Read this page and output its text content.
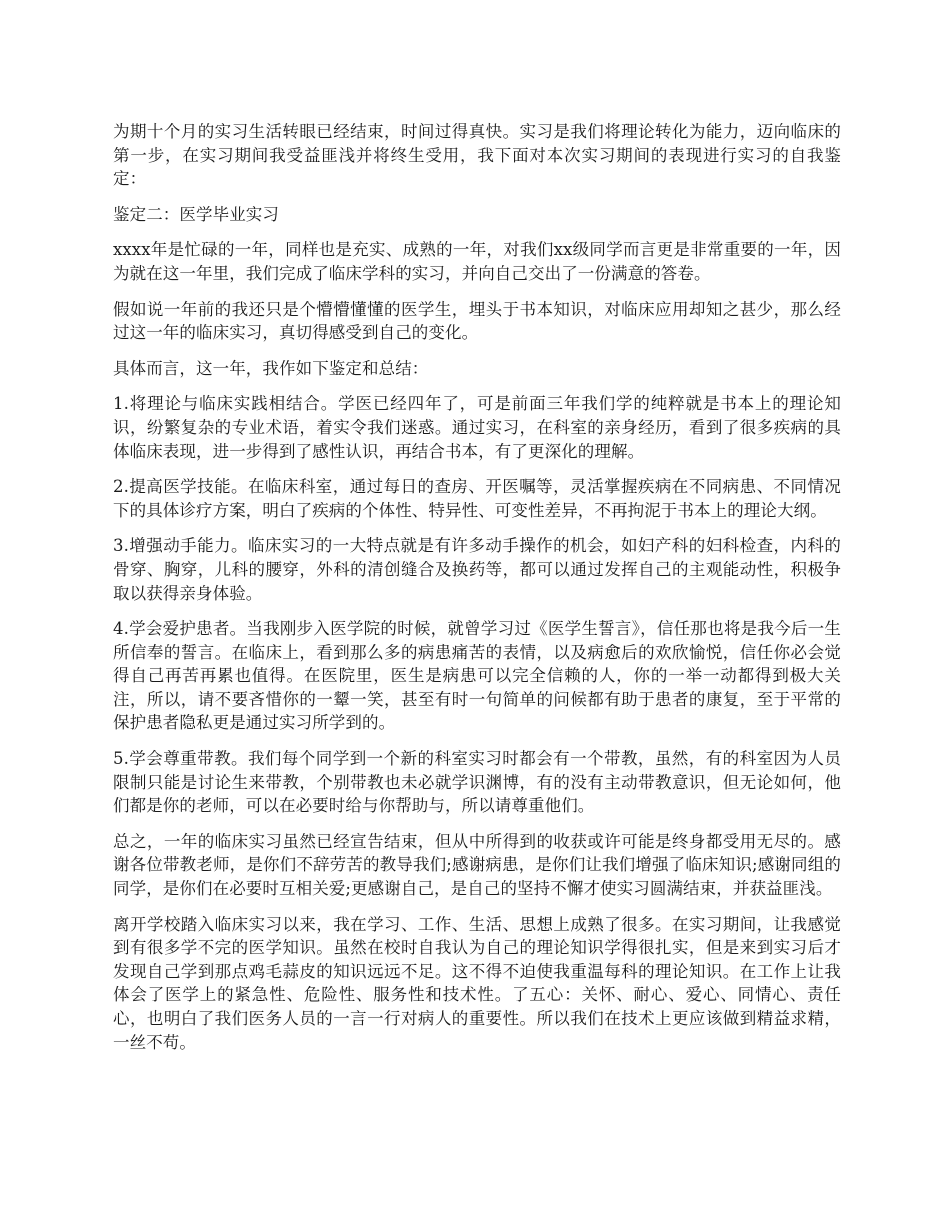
为期十个月的实习生活转眼已经结束，时间过得真快。实习是我们将理论转化为能力，迈向临床的第一步，在实习期间我受益匪浅并将终生受用，我下面对本次实习期间的表现进行实习的自我鉴定：

鉴定二：医学毕业实习

xxxx年是忙碌的一年，同样也是充实、成熟的一年，对我们xx级同学而言更是非常重要的一年，因为就在这一年里，我们完成了临床学科的实习，并向自己交出了一份满意的答卷。

假如说一年前的我还只是个懵懵懂懂的医学生，埋头于书本知识，对临床应用却知之甚少，那么经过这一年的临床实习，真切得感受到自己的变化。

具体而言，这一年，我作如下鉴定和总结：

1.将理论与临床实践相结合。学医已经四年了，可是前面三年我们学的纯粹就是书本上的理论知识，纷繁复杂的专业术语，着实令我们迷惑。通过实习，在科室的亲身经历，看到了很多疾病的具体临床表现，进一步得到了感性认识，再结合书本，有了更深化的理解。

2.提高医学技能。在临床科室，通过每日的查房、开医嘱等，灵活掌握疾病在不同病患、不同情况下的具体诊疗方案，明白了疾病的个体性、特异性、可变性差异，不再拘泥于书本上的理论大纲。

3.增强动手能力。临床实习的一大特点就是有许多动手操作的机会，如妇产科的妇科检查，内科的骨穿、胸穿，儿科的腰穿，外科的清创缝合及换药等，都可以通过发挥自己的主观能动性，积极争取以获得亲身体验。

4.学会爱护患者。当我刚步入医学院的时候，就曾学习过《医学生誓言》，信任那也将是我今后一生所信奉的誓言。在临床上，看到那么多的病患痛苦的表情，以及病愈后的欢欣愉悦，信任你必会觉得自己再苦再累也值得。在医院里，医生是病患可以完全信赖的人，你的一举一动都得到极大关注，所以，请不要吝惜你的一颦一笑，甚至有时一句简单的问候都有助于患者的康复，至于平常的保护患者隐私更是通过实习所学到的。

5.学会尊重带教。我们每个同学到一个新的科室实习时都会有一个带教，虽然，有的科室因为人员限制只能是讨论生来带教，个别带教也未必就学识渊博，有的没有主动带教意识，但无论如何，他们都是你的老师，可以在必要时给与你帮助与，所以请尊重他们。

总之，一年的临床实习虽然已经宣告结束，但从中所得到的收获或许可能是终身都受用无尽的。感谢各位带教老师，是你们不辞劳苦的教导我们;感谢病患，是你们让我们增强了临床知识;感谢同组的同学，是你们在必要时互相关爱;更感谢自己，是自己的坚持不懈才使实习圆满结束，并获益匪浅。

离开学校踏入临床实习以来，我在学习、工作、生活、思想上成熟了很多。在实习期间，让我感觉到有很多学不完的医学知识。虽然在校时自我认为自己的理论知识学得很扎实，但是来到实习后才发现自己学到那点鸡毛蒜皮的知识远远不足。这不得不迫使我重温每科的理论知识。在工作上让我体会了医学上的紧急性、危险性、服务性和技术性。了五心：关怀、耐心、爱心、同情心、责任心，也明白了我们医务人员的一言一行对病人的重要性。所以我们在技术上更应该做到精益求精，一丝不苟。
